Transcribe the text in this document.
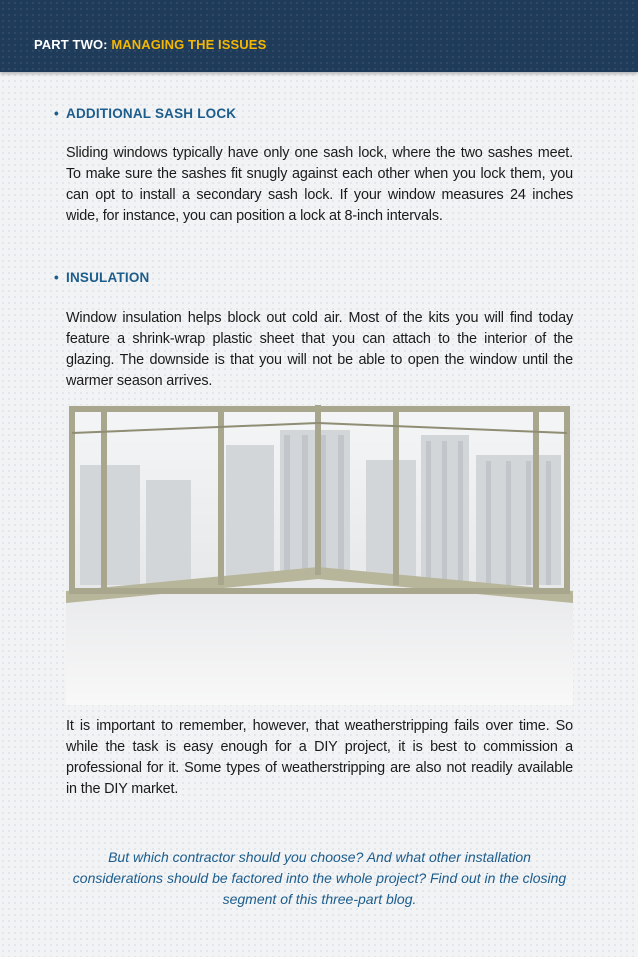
PART TWO: MANAGING THE ISSUES
• ADDITIONAL SASH LOCK

Sliding windows typically have only one sash lock, where the two sashes meet. To make sure the sashes fit snugly against each other when you lock them, you can opt to install a secondary sash lock. If your window measures 24 inches wide, for instance, you can position a lock at 8-inch intervals.

• INSULATION

Window insulation helps block out cold air. Most of the kits you will find today feature a shrink-wrap plastic sheet that you can attach to the interior of the glazing. The downside is that you will not be able to open the window until the warmer season arrives.

It is important to remember, however, that weatherstripping fails over time. So while the task is easy enough for a DIY project, it is best to commission a professional for it. Some types of weatherstripping are also not readily available in the DIY market.

But which contractor should you choose? And what other installation considerations should be factored into the whole project? Find out in the closing segment of this three-part blog.
